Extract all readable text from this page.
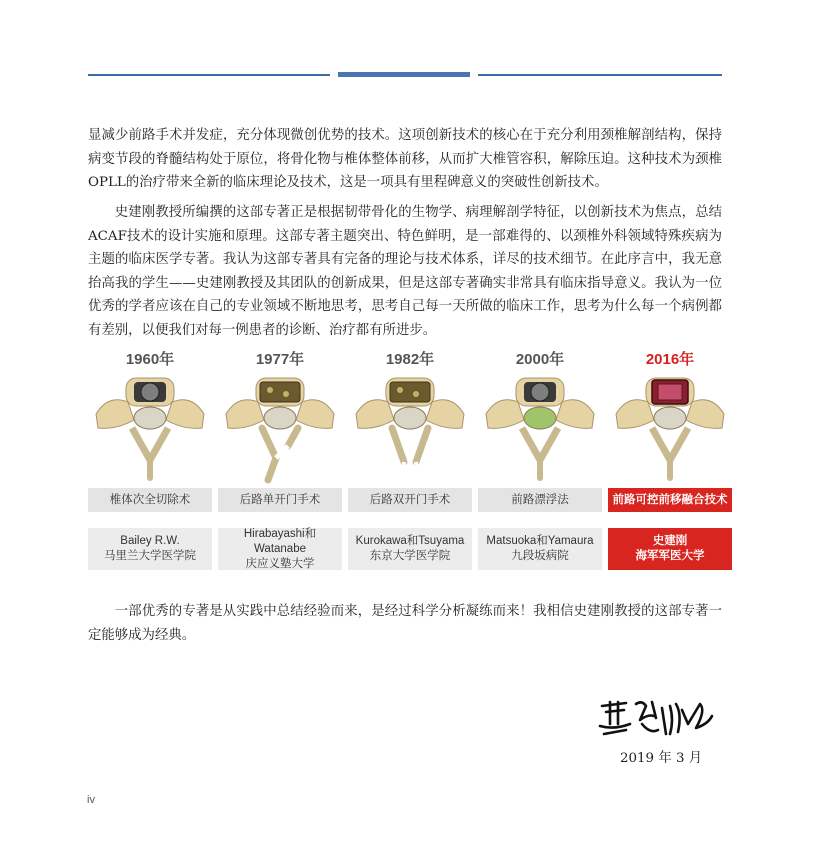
显减少前路手术并发症，充分体现微创优势的技术。这项创新技术的核心在于充分利用颈椎解剖结构，保持病变节段的脊髓结构处于原位，将骨化物与椎体整体前移，从而扩大椎管容积，解除压迫。这种技术为颈椎OPLL的治疗带来全新的临床理论及技术，这是一项具有里程碑意义的突破性创新技术。

史建刚教授所编撰的这部专著正是根据韧带骨化的生物学、病理解剖学特征，以创新技术为焦点，总结ACAF技术的设计实施和原理。这部专著主题突出、特色鲜明，是一部难得的、以颈椎外科领域特殊疾病为主题的临床医学专著。我认为这部专著具有完备的理论与技术体系，详尽的技术细节。在此序言中，我无意抬高我的学生——史建刚教授及其团队的创新成果，但是这部专著确实非常具有临床指导意义。我认为一位优秀的学者应该在自己的专业领域不断地思考，思考自己每一天所做的临床工作，思考为什么每一个病例都有差别，以便我们对每一例患者的诊断、治疗都有所进步。

1960年
椎体次全切除术
Bailey R.W.
马里兰大学医学院
1977年
后路单开门手术
Hirabayashi和Watanabe
庆应义塾大学
1982年
后路双开门手术
Kurokawa和Tsuyama
东京大学医学院
2000年
前路漂浮法
Matsuoka和Yamaura
九段坂病院
2016年
前路可控前移融合技术
史建刚
海军军医大学

一部优秀的专著是从实践中总结经验而来，是经过科学分析凝练而来！我相信史建刚教授的这部专著一定能够成为经典。

2019 年 3 月
iv
